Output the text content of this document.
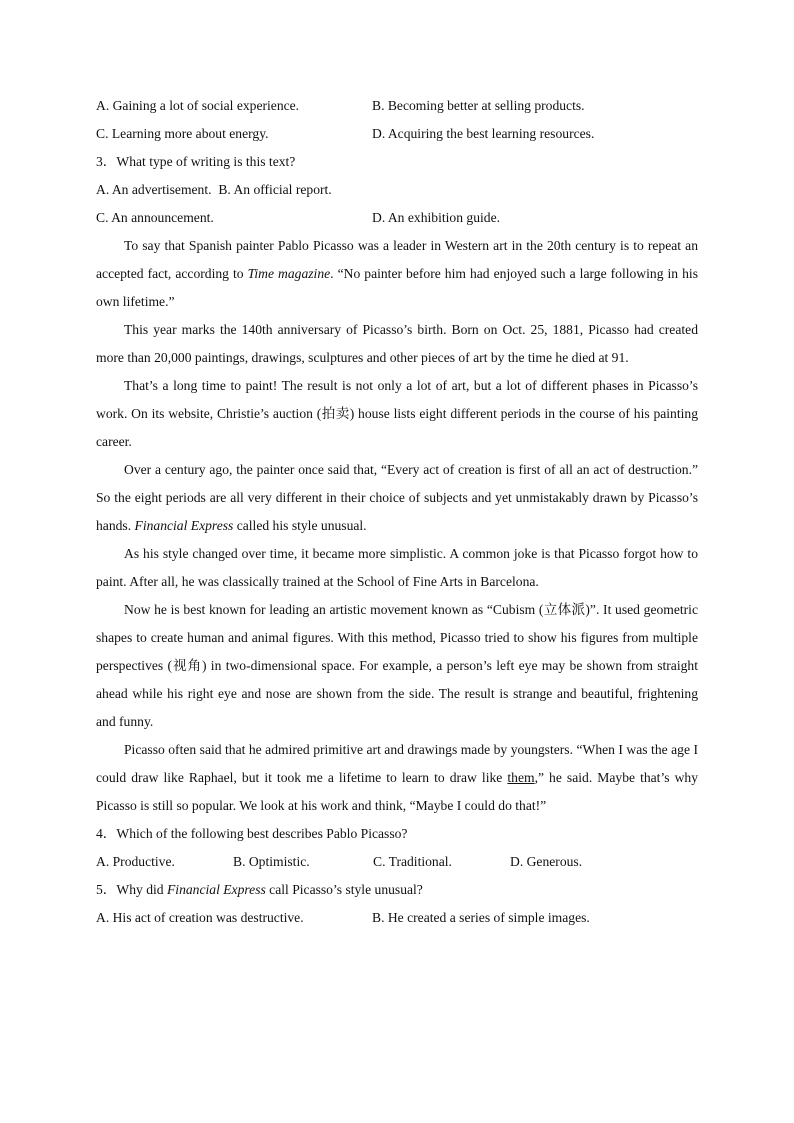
A. Gaining a lot of social experience.	B. Becoming better at selling products.
C. Learning more about energy.	D. Acquiring the best learning resources.
3．What type of writing is this text?
A. An advertisement. B. An official report.
C. An announcement.	D. An exhibition guide.

To say that Spanish painter Pablo Picasso was a leader in Western art in the 20th century is to repeat an accepted fact, according to Time magazine. “No painter before him had enjoyed such a large following in his own lifetime.”

This year marks the 140th anniversary of Picasso’s birth. Born on Oct. 25, 1881, Picasso had created more than 20,000 paintings, drawings, sculptures and other pieces of art by the time he died at 91.

That’s a long time to paint! The result is not only a lot of art, but a lot of different phases in Picasso’s work. On its website, Christie’s auction (拍卖) house lists eight different periods in the course of his painting career.

Over a century ago, the painter once said that, “Every act of creation is first of all an act of destruction.” So the eight periods are all very different in their choice of subjects and yet unmistakably drawn by Picasso’s hands. Financial Express called his style unusual.

As his style changed over time, it became more simplistic. A common joke is that Picasso forgot how to paint. After all, he was classically trained at the School of Fine Arts in Barcelona.

Now he is best known for leading an artistic movement known as “Cubism (立体派)”. It used geometric shapes to create human and animal figures. With this method, Picasso tried to show his figures from multiple perspectives (视角) in two-dimensional space. For example, a person’s left eye may be shown from straight ahead while his right eye and nose are shown from the side. The result is strange and beautiful, frightening and funny.

Picasso often said that he admired primitive art and drawings made by youngsters. “When I was the age I could draw like Raphael, but it took me a lifetime to learn to draw like them,” he said. Maybe that’s why Picasso is still so popular. We look at his work and think, “Maybe I could do that!”

4．Which of the following best describes Pablo Picasso?
A. Productive.	B. Optimistic.	C. Traditional.	D. Generous.
5．Why did Financial Express call Picasso’s style unusual?
A. His act of creation was destructive.	B. He created a series of simple images.
